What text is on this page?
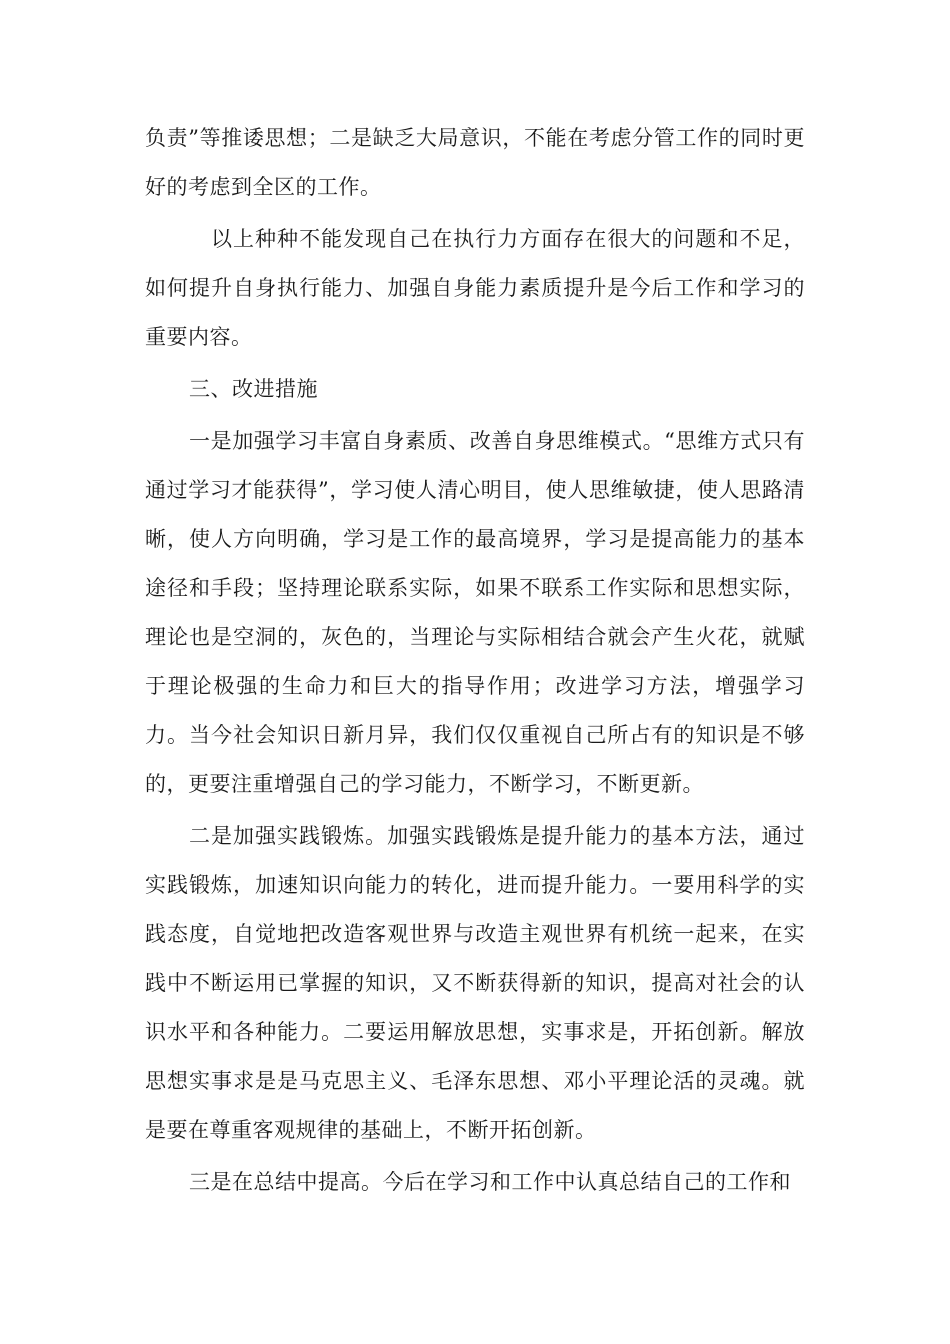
负责”等推诿思想；二是缺乏大局意识，不能在考虑分管工作的同时更好的考虑到全区的工作。

以上种种不能发现自己在执行力方面存在很大的问题和不足，如何提升自身执行能力、加强自身能力素质提升是今后工作和学习的重要内容。

三、改进措施

一是加强学习丰富自身素质、改善自身思维模式。“思维方式只有通过学习才能获得”，学习使人清心明目，使人思维敏捷，使人思路清晰，使人方向明确，学习是工作的最高境界，学习是提高能力的基本途径和手段；坚持理论联系实际，如果不联系工作实际和思想实际，理论也是空洞的，灰色的，当理论与实际相结合就会产生火花，就赋于理论极强的生命力和巨大的指导作用；改进学习方法，增强学习力。当今社会知识日新月异，我们仅仅重视自己所占有的知识是不够的，更要注重增强自己的学习能力，不断学习，不断更新。

二是加强实践锻炼。加强实践锻炼是提升能力的基本方法，通过实践锻炼，加速知识向能力的转化，进而提升能力。一要用科学的实践态度，自觉地把改造客观世界与改造主观世界有机统一起来，在实践中不断运用已掌握的知识，又不断获得新的知识，提高对社会的认识水平和各种能力。二要运用解放思想，实事求是，开拓创新。解放思想实事求是是马克思主义、毛泽东思想、邓小平理论活的灵魂。就是要在尊重客观规律的基础上，不断开拓创新。

三是在总结中提高。今后在学习和工作中认真总结自己的工作和
